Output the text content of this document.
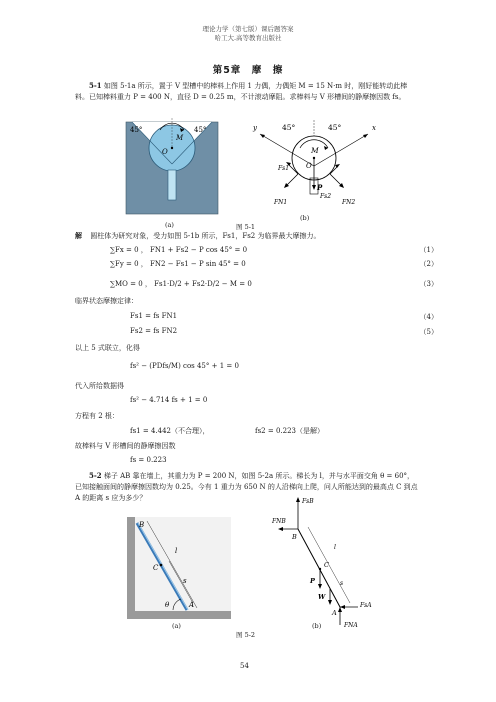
理论力学（第七版）课后题答案
哈工大.高等教育出版社
第5章　摩　擦
5-1 如图 5-1a 所示，置于 V 型槽中的棒料上作用 1 力偶，力偶矩 M = 15 N·m 时，刚好能转动此棒料。已知棒料重力 P = 400 N，直径 D = 0.25 m，不计滚动摩阻。求棒料与 V 形槽间的静摩擦因数 fs。
45°	45°
M
O
(a)
45°	45°
y	x
M
O
P
Fs1
Fs2
FN1	FN2
(b)
图 5-1
解 圆柱体为研究对象，受力如图 5-1b 所示，Fs1，Fs2 为临界最大摩擦力。
∑Fx = 0 ， FN1 + Fs2 − P cos 45° = 0	（1）
∑Fy = 0 ， FN2 − Fs1 − P sin 45° = 0	（2）
∑MO = 0 ， Fs1·D/2 + Fs2·D/2 − M = 0	（3）
临界状态摩擦定律：
Fs1 = fs FN1	（4）
Fs2 = fs FN2	（5）
以上 5 式联立，化得
fs² − (PDfs/M) cos 45° + 1 = 0
代入所给数据得
fs² − 4.714 fs + 1 = 0
方程有 2 根：
fs1 = 4.442（不合理），	fs2 = 0.223（是解）
故棒料与 V 形槽间的静摩擦因数
fs = 0.223
5-2 梯子 AB 靠在墙上，其重力为 P = 200 N，如图 5-2a 所示。梯长为 l，并与水平面交角 θ = 60°，已知接触面间的静摩擦因数均为 0.25。今有 1 重力为 650 N 的人沿梯向上爬，问人所能达到的最高点 C 到点 A 的距离 s 应为多少？
B
C
A
l
s
θ
(a)
FsB
FNB
B
C
P
W
A
FsA
FNA
s
l
(b)
图 5-2
54
